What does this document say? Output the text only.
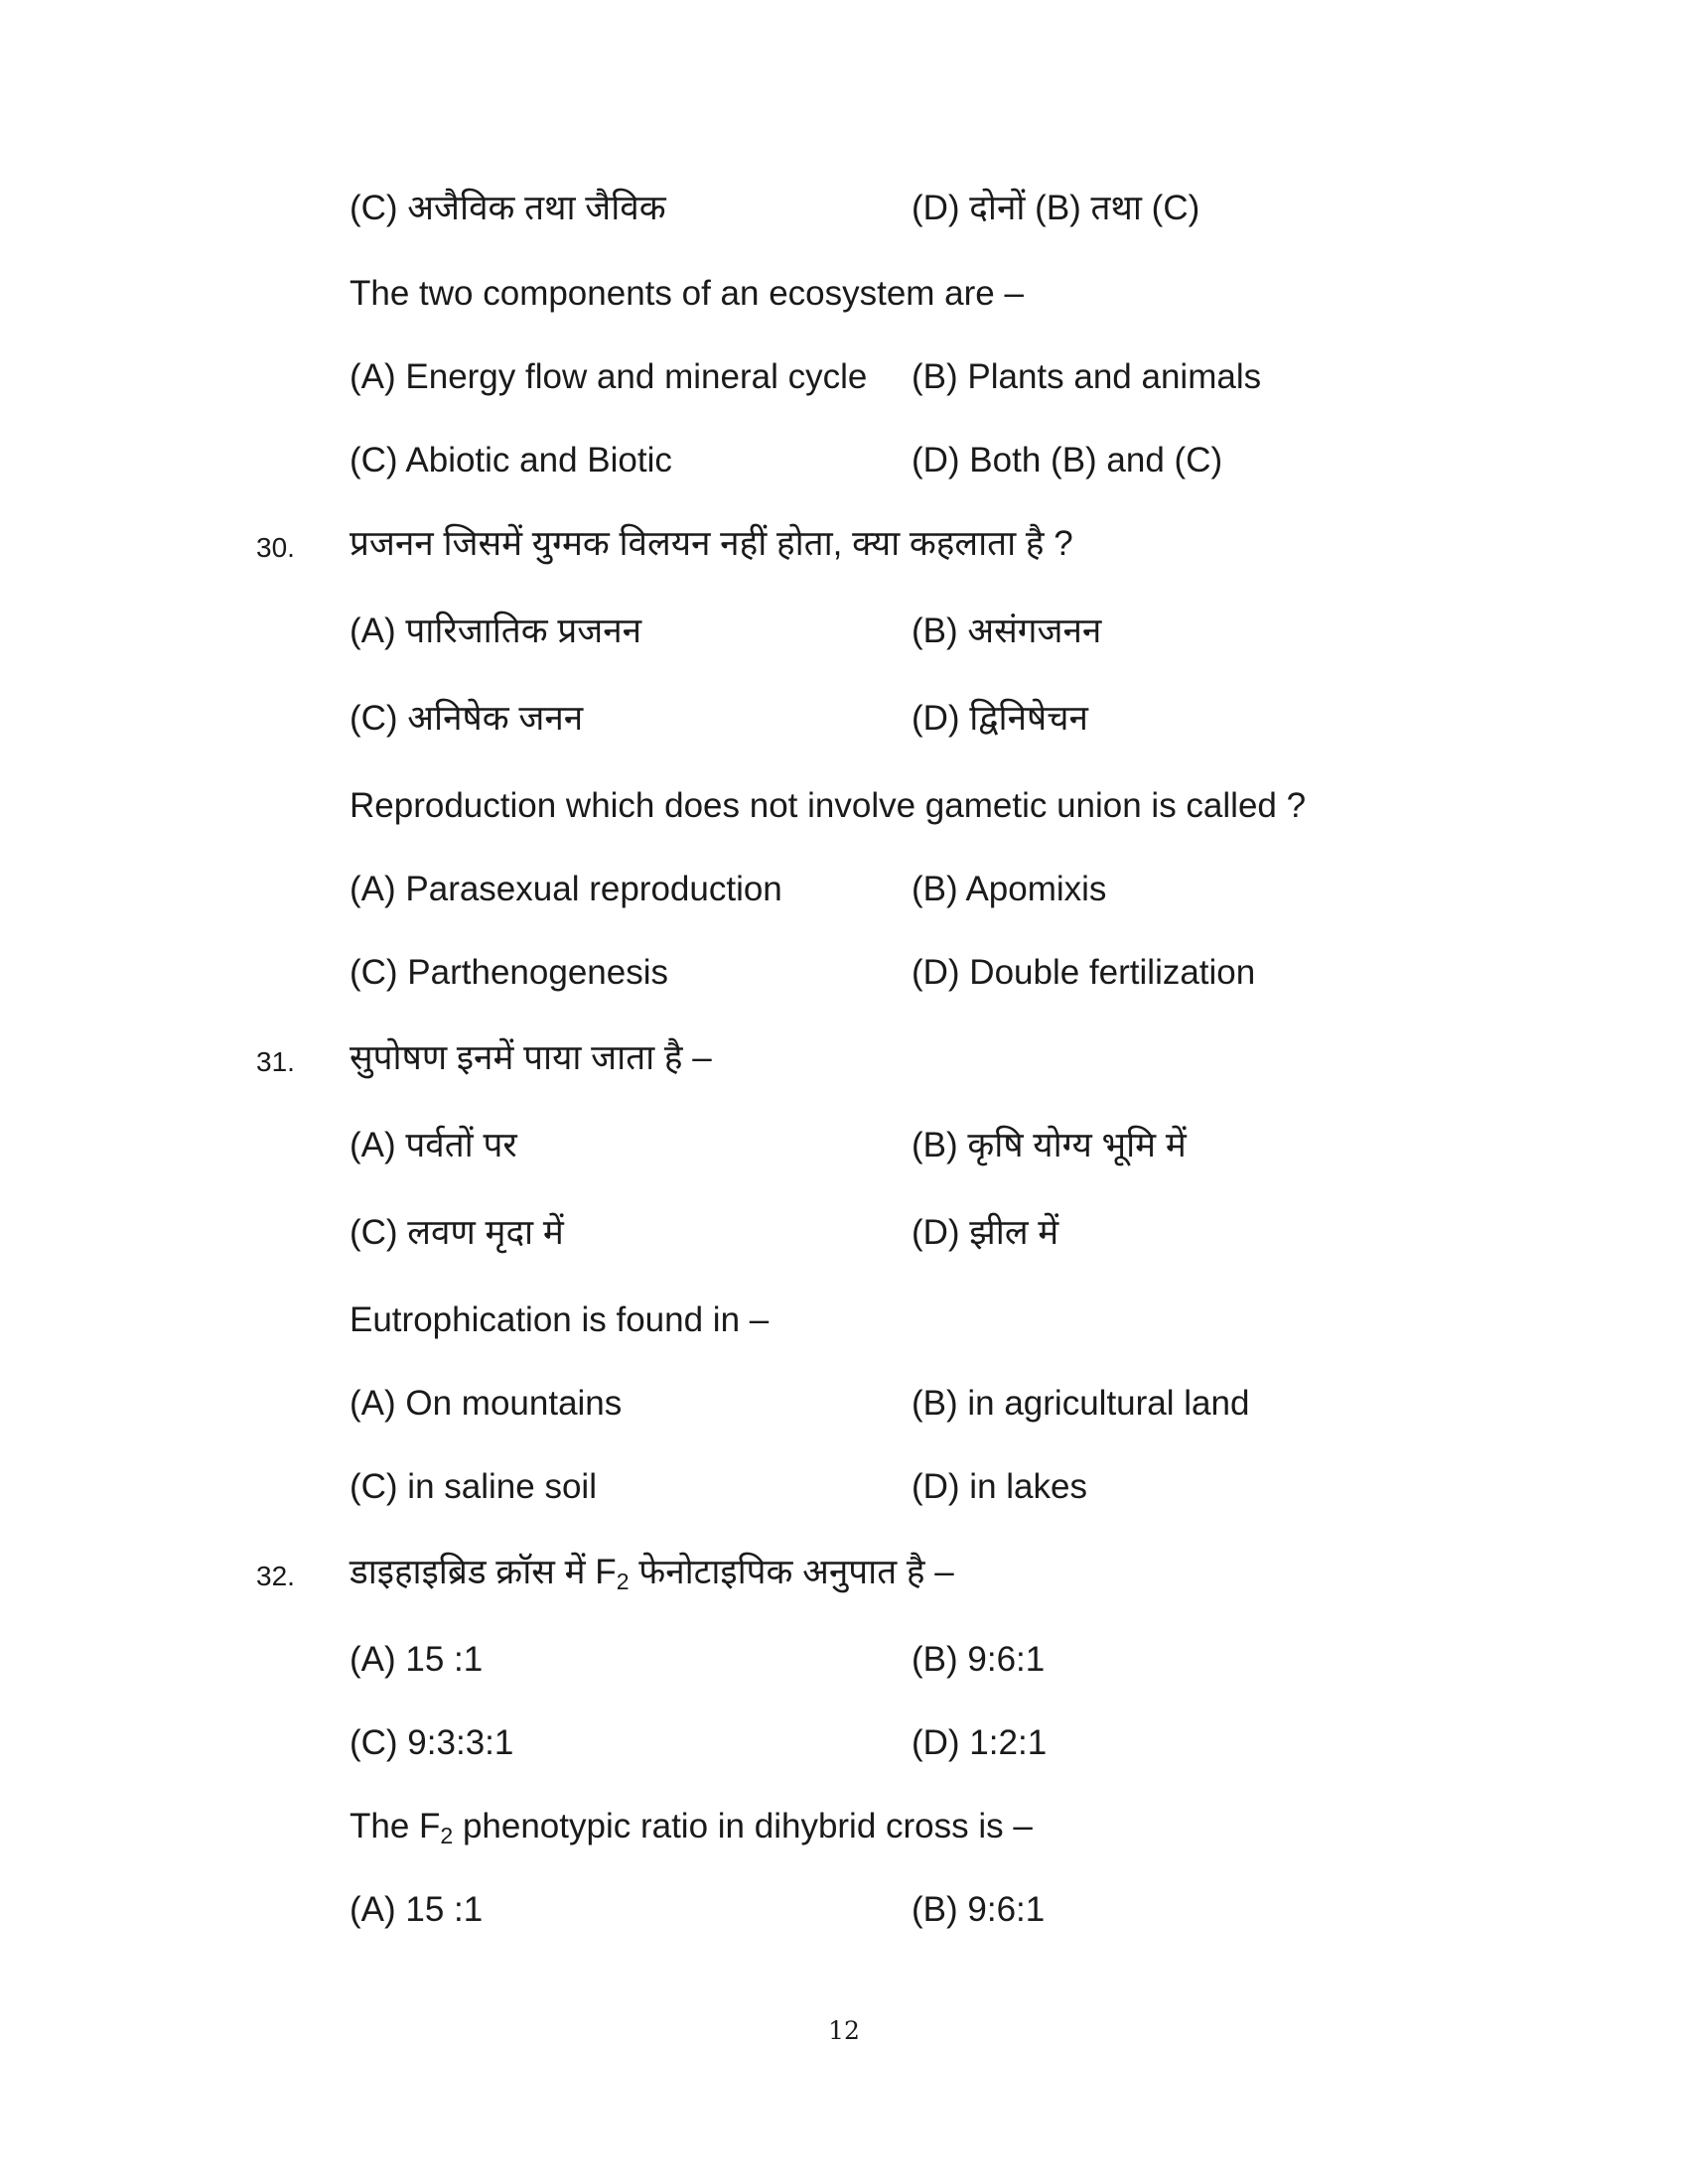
(C) अजैविक तथा जैविक	(D) दोनों (B) तथा (C)
The two components of an ecosystem are –
(A) Energy flow and mineral cycle (B) Plants and animals
(C) Abiotic and Biotic	(D) Both (B) and (C)
30. प्रजनन जिसमें युग्मक विलयन नहीं होता, क्या कहलाता है ?
(A) पारिजातिक प्रजनन	(B) असंगजनन
(C) अनिषेक जनन	(D) द्विनिषेचन
Reproduction which does not involve gametic union is called ?
(A) Parasexual reproduction	(B) Apomixis
(C) Parthenogenesis	(D) Double fertilization
31. सुपोषण इनमें पाया जाता है –
(A) पर्वतों पर	(B) कृषि योग्य भूमि में
(C) लवण मृदा में	(D) झील में
Eutrophication is found in –
(A) On mountains	(B) in agricultural land
(C) in saline soil	(D) in lakes
32. डाइहाइब्रिड क्रॉस में $F_2$ फेनोटाइपिक अनुपात है –
(A) 15 :1	(B) 9:6:1
(C) 9:3:3:1	(D) 1:2:1
The $F_2$ phenotypic ratio in dihybrid cross is –
(A) 15 :1	(B) 9:6:1
12
